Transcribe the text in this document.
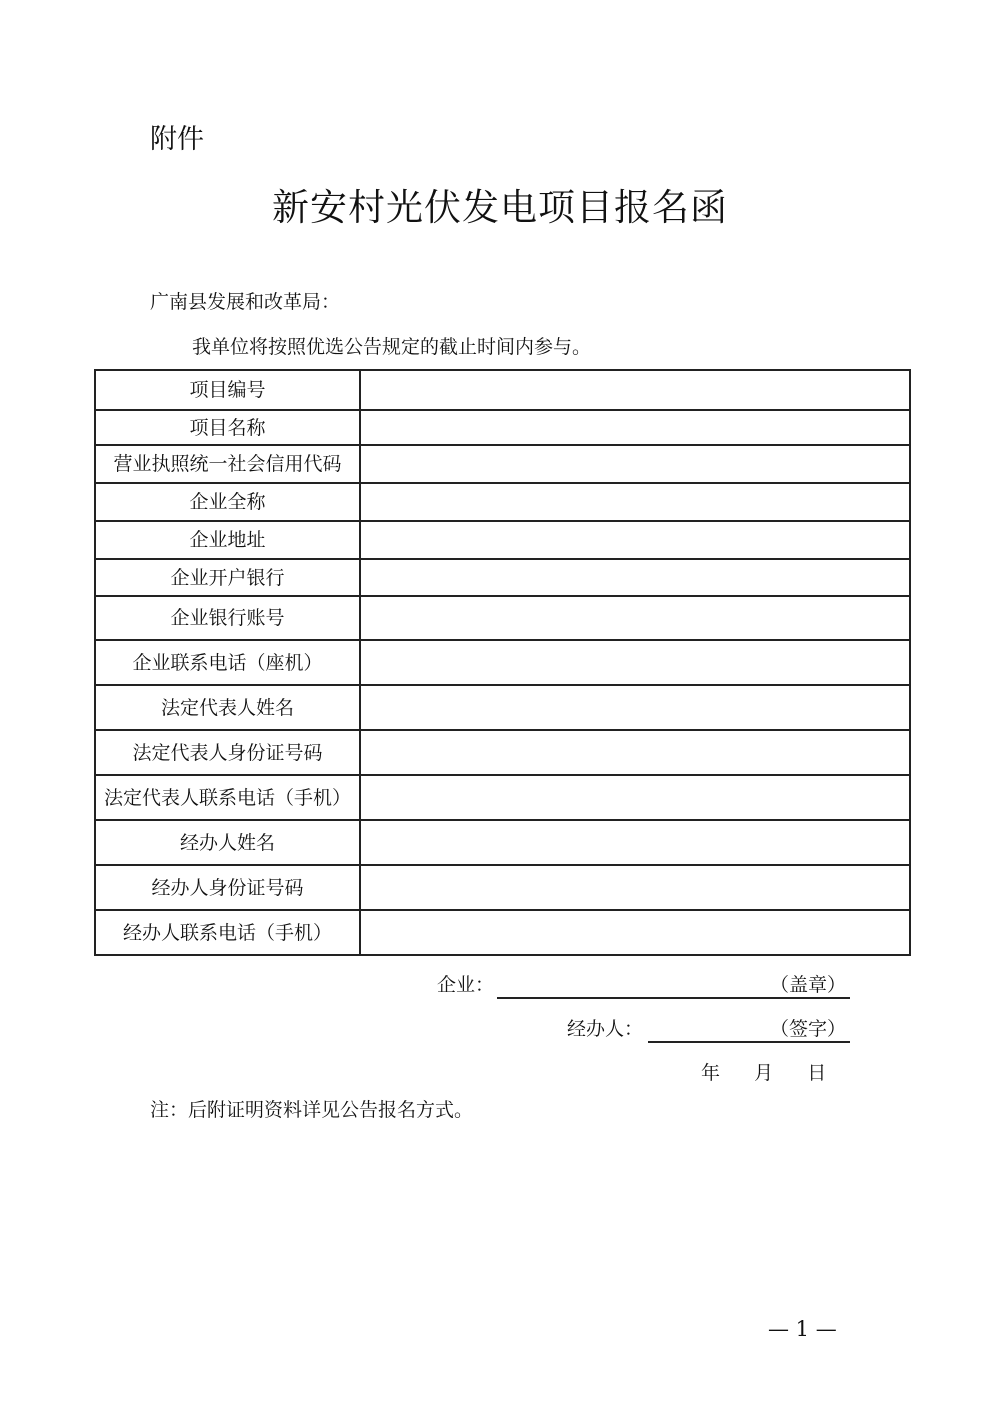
附件
新安村光伏发电项目报名函
广南县发展和改革局：
我单位将按照优选公告规定的截止时间内参与。
项目编号	
项目名称	
营业执照统一社会信用代码	
企业全称	
企业地址	
企业开户银行	
企业银行账号	
企业联系电话（座机）	
法定代表人姓名	
法定代表人身份证号码	
法定代表人联系电话（手机）	
经办人姓名	
经办人身份证号码	
经办人联系电话（手机）	
企业：	（盖章）
经办人：	（签字）
年 月 日
注：后附证明资料详见公告报名方式。
— 1 —
